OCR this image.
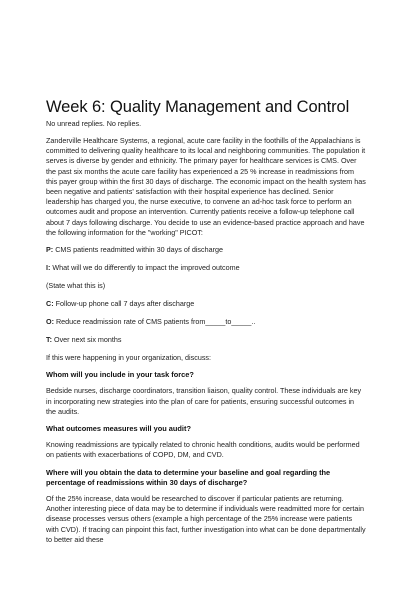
Week 6: Quality Management and Control
No unread replies. No replies.

Zanderville Healthcare Systems, a regional, acute care facility in the foothills of the Appalachians is committed to delivering quality healthcare to its local and neighboring communities. The population it serves is diverse by gender and ethnicity. The primary payer for healthcare services is CMS. Over the past six months the acute care facility has experienced a 25 % increase in readmissions from this payer group within the first 30 days of discharge. The economic impact on the health system has been negative and patients' satisfaction with their hospital experience has declined. Senior leadership has charged you, the nurse executive, to convene an ad-hoc task force to perform an outcomes audit and propose an intervention. Currently patients receive a follow-up telephone call about 7 days following discharge. You decide to use an evidence-based practice approach and have the following information for the "working" PICOT:

P: CMS patients readmitted within 30 days of discharge
I: What will we do differently to impact the improved outcome
(State what this is)
C: Follow-up phone call 7 days after discharge
O: Reduce readmission rate of CMS patients from_____to_____..
T: Over next six months

If this were happening in your organization, discuss:

Whom will you include in your task force?

Bedside nurses, discharge coordinators, transition liaison, quality control. These individuals are key in incorporating new strategies into the plan of care for patients, ensuring successful outcomes in the audits.

What outcomes measures will you audit?

Knowing readmissions are typically related to chronic health conditions, audits would be performed on patients with exacerbations of COPD, DM, and CVD.

Where will you obtain the data to determine your baseline and goal regarding the percentage of readmissions within 30 days of discharge?

Of the 25% increase, data would be researched to discover if particular patients are returning. Another interesting piece of data may be to determine if individuals were readmitted more for certain disease processes versus others (example a high percentage of the 25% increase were patients with CVD). If tracing can pinpoint this fact, further investigation into what can be done departmentally to better aid these
